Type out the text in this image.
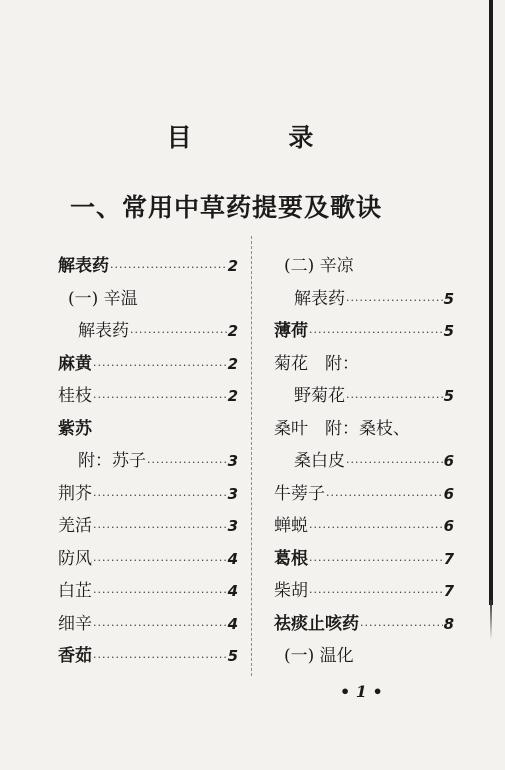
目	录
一、常用中草药提要及歌诀
解表药 ·····	2
(一) 辛温
解表药 ·····	2
麻黄 ·····	2
桂枝 ·····	2
紫苏
附：苏子 ·····	3
荆芥 ·····	3
羌活 ·····	3
防风 ·····	4
白芷 ·····	4
细辛 ·····	4
香茹 ·····	5
(二) 辛凉
解表药 ·····	5
薄荷 ·····	5
菊花　附：
野菊花 ·····	5
桑叶　附：桑枝、
桑白皮 ·····	6
牛蒡子 ·····	6
蝉蜕 ·····	6
葛根 ·····	7
柴胡 ·····	7
祛痰止咳药 ·····	8
(一) 温化
• 1 •
